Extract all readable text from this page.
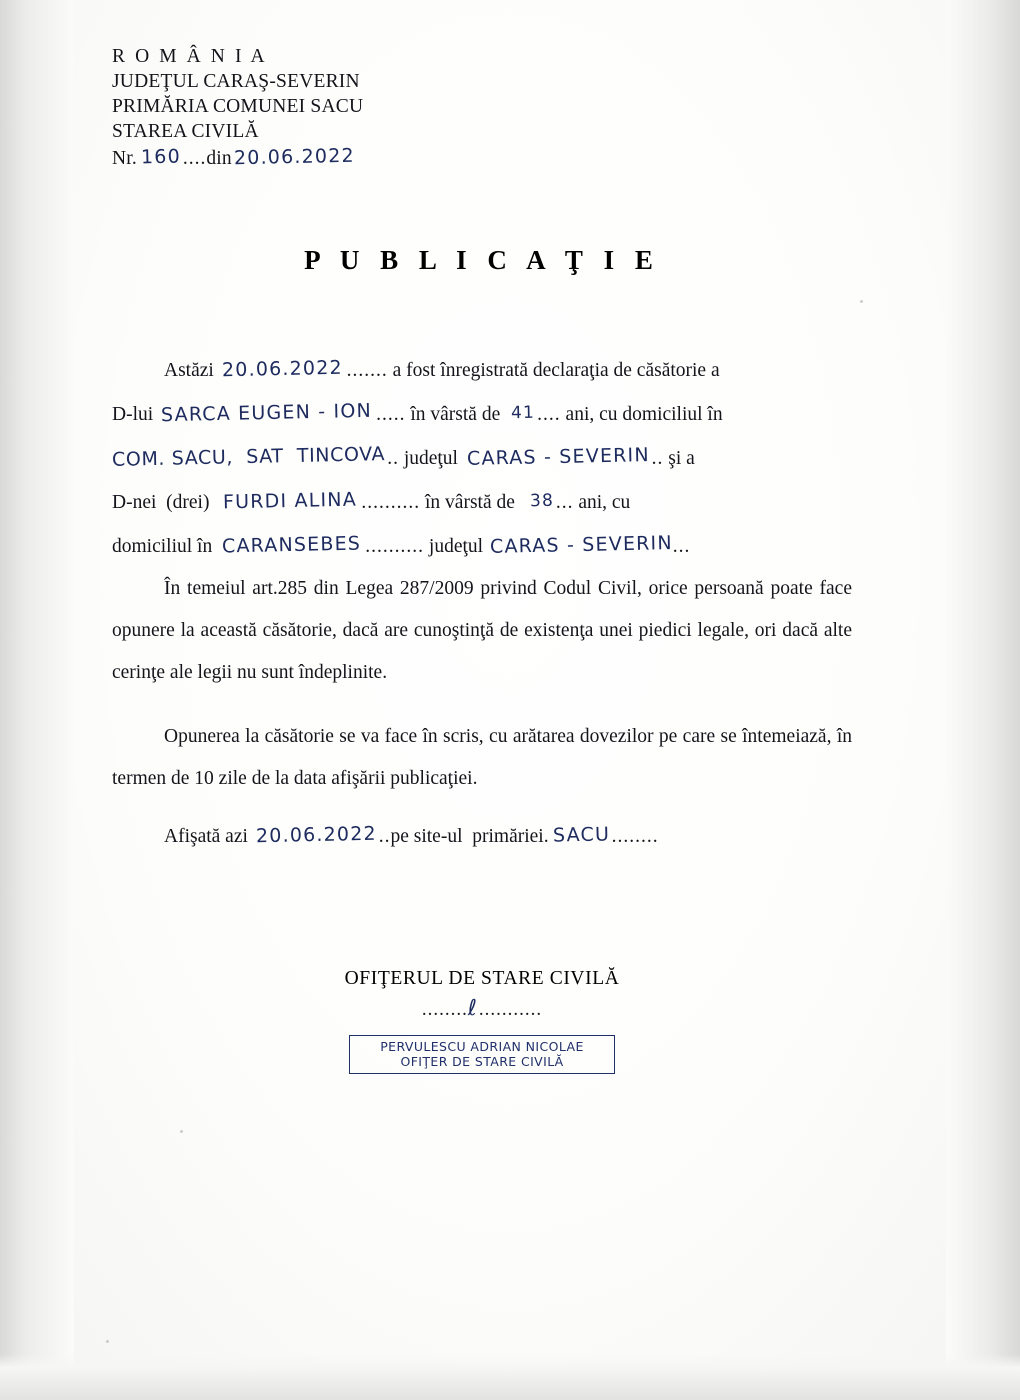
R O M Â N I A
JUDEŢUL CARAŞ-SEVERIN
PRIMĂRIA COMUNEI SACU
STAREA CIVILĂ
Nr. 160 .... din 20.06.2022
P U B L I C A Ţ I E
Astăzi 20.06.2022 ....... a fost înregistrată declaraţia de căsătorie a
D-lui SARCA EUGEN - ION ..... în vârstă de 41 .... ani, cu domiciliul în
COM. SACU,  SAT  TINCOVA .. judeţul CARAS - SEVERIN .. şi a
D-nei  (drei) FURDI ALINA .......... în vârstă de 38 ... ani, cu
domiciliul în CARANSEBES .......... judeţul CARAS - SEVERIN ...

În temeiul art.285 din Legea 287/2009 privind Codul Civil, orice persoană poate face opunere la această căsătorie, dacă are cunoştinţă de existenţa unei piedici legale, ori dacă alte cerinţe ale legii nu sunt îndeplinite.

Opunerea la căsătorie se va face în scris, cu arătarea dovezilor pe care se întemeiază, în termen de 10 zile de la data afişării publicaţiei.

Afişată azi 20.06.2022 .. pe site-ul  primăriei. SACU ........
OFIŢERUL DE STARE CIVILĂ
........ℓ...........
PERVULESCU ADRIAN NICOLAE
OFIŢER DE STARE CIVILĂ
